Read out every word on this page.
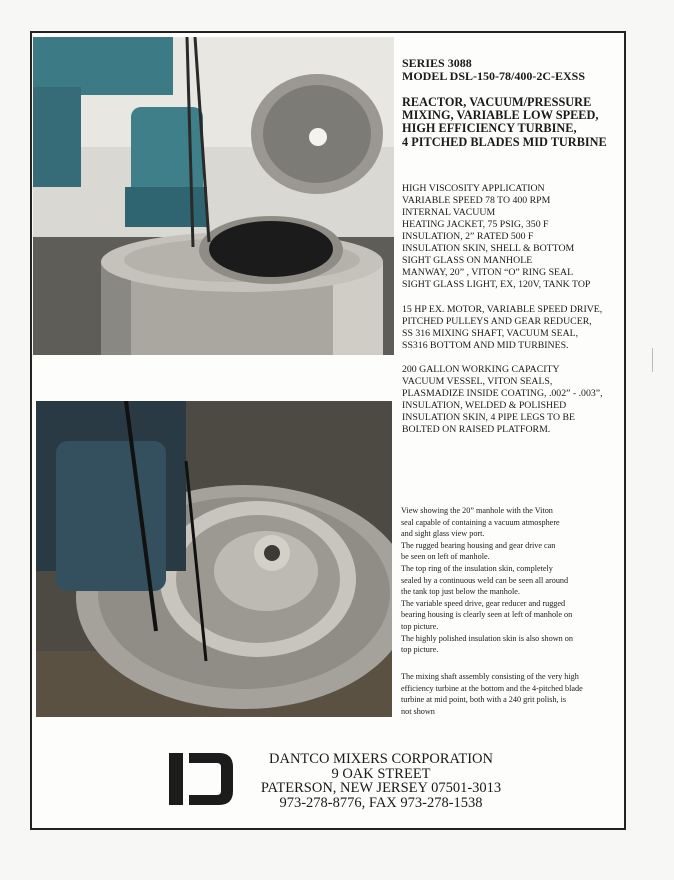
SERIES 3088
MODEL DSL-150-78/400-2C-EXSS
REACTOR, VACUUM/PRESSURE
MIXING, VARIABLE LOW SPEED,
HIGH EFFICIENCY TURBINE,
4 PITCHED BLADES MID TURBINE
HIGH VISCOSITY APPLICATION
VARIABLE SPEED 78 TO 400 RPM
INTERNAL VACUUM
HEATING JACKET, 75 PSIG, 350 F
INSULATION, 2” RATED 500 F
INSULATION SKIN, SHELL & BOTTOM
SIGHT GLASS ON MANHOLE
MANWAY, 20” , VITON “O” RING SEAL
SIGHT GLASS LIGHT, EX, 120V, TANK TOP
15 HP EX. MOTOR, VARIABLE SPEED DRIVE,
PITCHED PULLEYS AND GEAR REDUCER,
SS 316 MIXING SHAFT, VACUUM SEAL,
SS316 BOTTOM AND MID TURBINES.
200 GALLON WORKING CAPACITY
VACUUM VESSEL, VITON SEALS,
PLASMADIZE INSIDE COATING, .002” - .003”,
INSULATION, WELDED & POLISHED
INSULATION SKIN, 4 PIPE LEGS TO BE
BOLTED ON RAISED PLATFORM.
View showing the 20” manhole with the Viton
seal capable of containing a vacuum atmosphere
and sight glass view port.
The rugged bearing housing and gear drive can
be seen on left of manhole.
The top ring of the insulation skin, completely
sealed by a continuous weld can be seen all around
the tank top just below the manhole.
The variable speed drive, gear reducer and rugged
bearing housing is clearly seen at left of manhole on
top picture.
The highly polished insulation skin is also shown on
top picture.
The mixing shaft assembly consisting of the very high
efficiency turbine at the bottom and the 4-pitched blade
turbine at mid point, both with a 240 grit polish, is
not shown
DANTCO MIXERS CORPORATION
9 OAK STREET
PATERSON, NEW JERSEY 07501-3013
973-278-8776, FAX 973-278-1538
